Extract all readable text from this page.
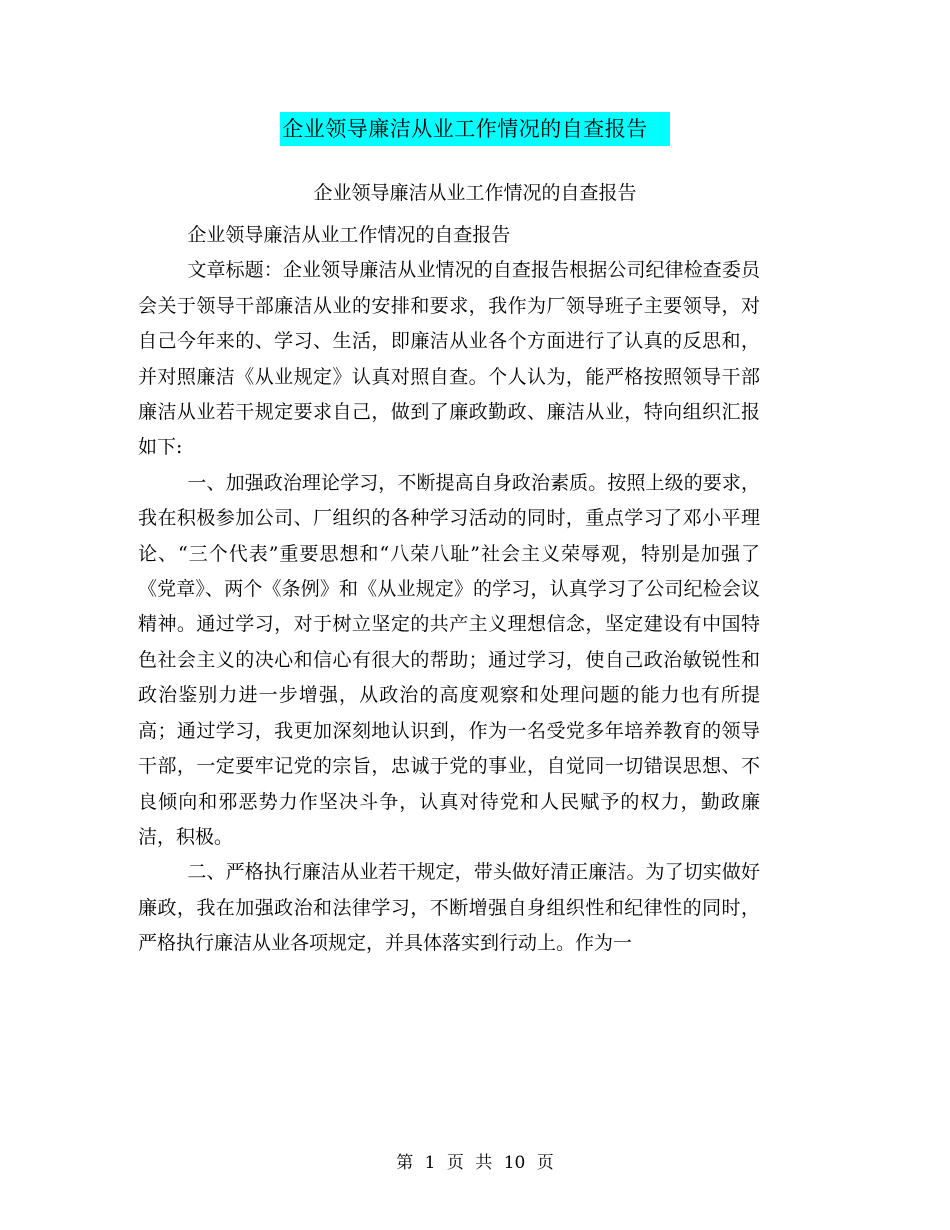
企业领导廉洁从业工作情况的自查报告
企业领导廉洁从业工作情况的自查报告

企业领导廉洁从业工作情况的自查报告

文章标题：企业领导廉洁从业情况的自查报告根据公司纪律检查委员会关于领导干部廉洁从业的安排和要求，我作为厂领导班子主要领导，对自己今年来的、学习、生活，即廉洁从业各个方面进行了认真的反思和，并对照廉洁《从业规定》认真对照自查。个人认为，能严格按照领导干部廉洁从业若干规定要求自己，做到了廉政勤政、廉洁从业，特向组织汇报如下:

一、加强政治理论学习，不断提高自身政治素质。按照上级的要求，我在积极参加公司、厂组织的各种学习活动的同时，重点学习了邓小平理论、“三个代表”重要思想和“八荣八耻”社会主义荣辱观，特别是加强了《党章》、两个《条例》和《从业规定》的学习，认真学习了公司纪检会议精神。通过学习，对于树立坚定的共产主义理想信念，坚定建设有中国特色社会主义的决心和信心有很大的帮助；通过学习，使自己政治敏锐性和政治鉴别力进一步增强，从政治的高度观察和处理问题的能力也有所提高；通过学习，我更加深刻地认识到，作为一名受党多年培养教育的领导干部，一定要牢记党的宗旨，忠诚于党的事业，自觉同一切错误思想、不良倾向和邪恶势力作坚决斗争，认真对待党和人民赋予的权力，勤政廉洁，积极。

二、严格执行廉洁从业若干规定，带头做好清正廉洁。为了切实做好廉政，我在加强政治和法律学习，不断增强自身组织性和纪律性的同时，严格执行廉洁从业各项规定，并具体落实到行动上。作为一

第 1 页 共 10 页
